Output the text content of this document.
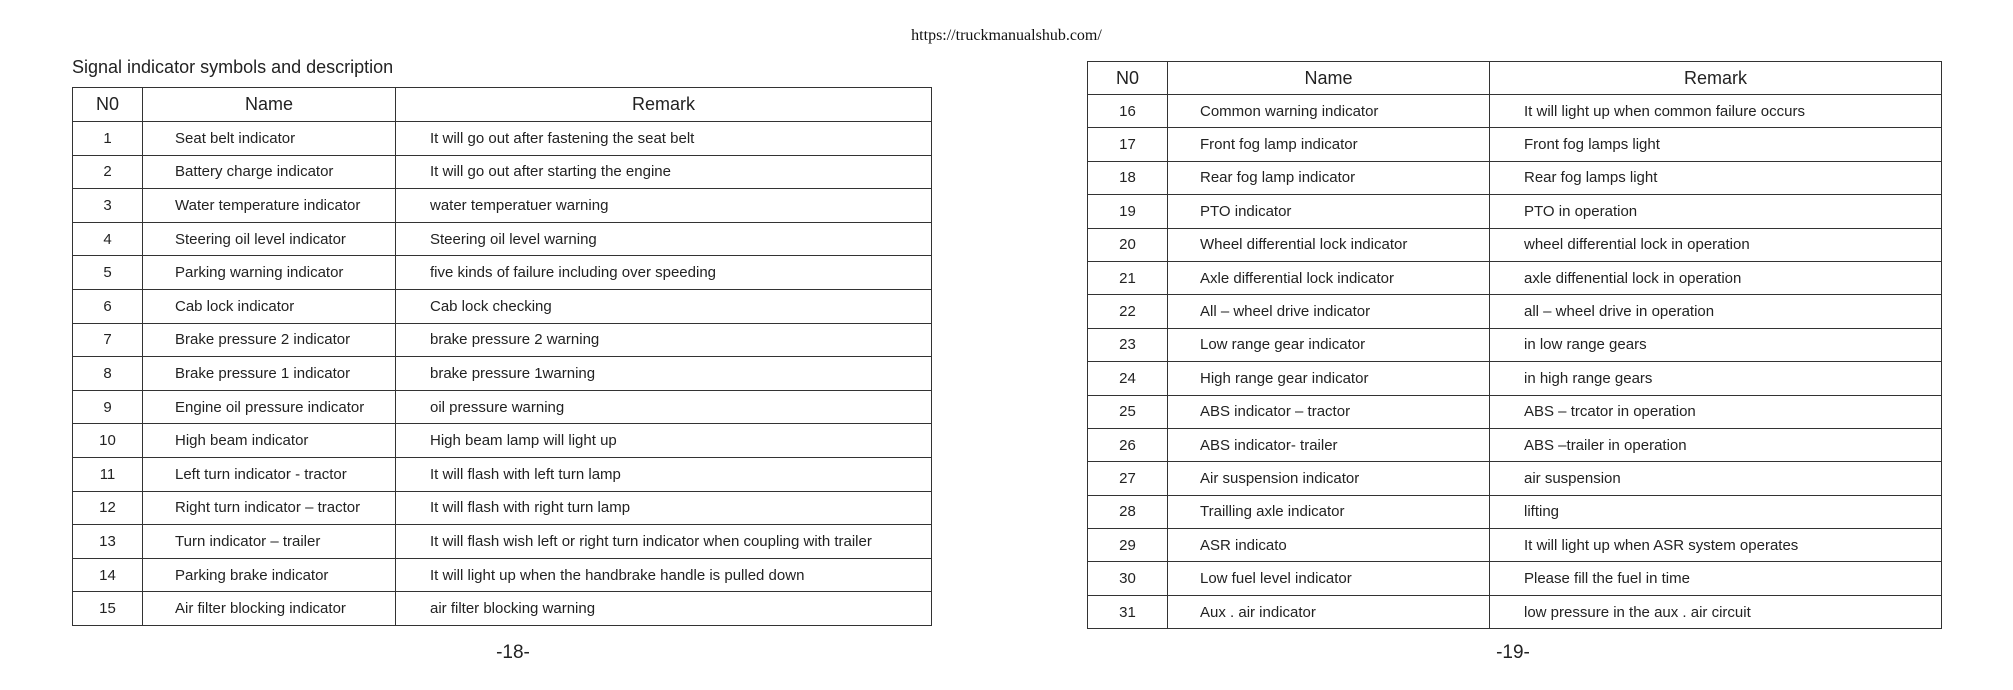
https://truckmanualshub.com/
Signal indicator symbols and description
N0	Name	Remark
1	Seat belt indicator	It will go out after fastening the seat belt
2	Battery charge indicator	It will go out after starting the engine
3	Water temperature indicator	water temperatuer warning
4	Steering oil level indicator	Steering oil level warning
5	Parking warning indicator	five kinds of failure including over speeding
6	Cab lock indicator	Cab lock checking
7	Brake pressure 2 indicator	brake pressure 2 warning
8	Brake pressure 1 indicator	brake pressure 1warning
9	Engine oil pressure indicator	oil pressure warning
10	High beam indicator	High beam lamp will light up
11	Left turn indicator - tractor	It will flash with left turn lamp
12	Right turn indicator – tractor	It will flash with right turn lamp
13	Turn indicator – trailer	It will flash wish left or right turn indicator when coupling with trailer
14	Parking brake indicator	It will light up when the handbrake handle is pulled down
15	Air filter blocking indicator	air filter blocking warning
N0	Name	Remark
16	Common warning indicator	It will light up when common failure occurs
17	Front fog lamp indicator	Front fog lamps light
18	Rear fog lamp indicator	Rear fog lamps light
19	PTO indicator	PTO in operation
20	Wheel differential lock indicator	wheel differential lock in operation
21	Axle differential lock indicator	axle diffenential lock in operation
22	All – wheel drive indicator	all – wheel drive in operation
23	Low range gear indicator	in low range gears
24	High range gear indicator	in high range gears
25	ABS indicator – tractor	ABS – trcator in operation
26	ABS indicator- trailer	ABS –trailer in operation
27	Air suspension indicator	air suspension
28	Trailling axle indicator	lifting
29	ASR indicato	It will light up when ASR system operates
30	Low fuel level indicator	Please fill the fuel in time
31	Aux . air indicator	low pressure in the aux . air circuit
-18-	-19-
